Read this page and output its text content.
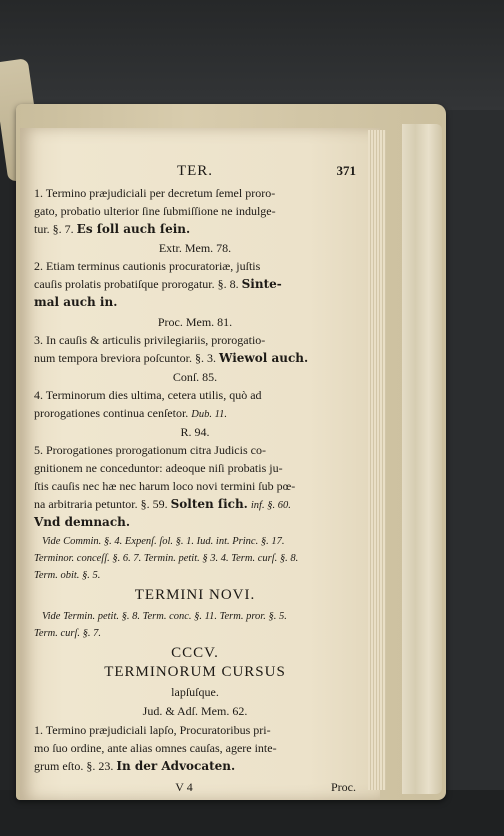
TER.	371
1. Termino præjudiciali per decretum ſemel proro-
gato, probatio ulterior ſine ſubmiſſione ne indulge-
tur. §. 7. Es ſoll auch ſein.
Extr. Mem. 78.
2. Etiam terminus cautionis procuratoriæ, juſtis
cauſis prolatis probatiſque prorogatur. §. 8. Sinte-
mal auch in.
Proc. Mem. 81.
3. In cauſis & articulis privilegiariis, prorogatio-
num tempora breviora poſcuntor. §. 3. Wiewol auch.
Conſ. 85.
4. Terminorum dies ultima, cetera utilis, quò ad
prorogationes continua cenſetor. Dub. 11.
R. 94.
5. Prorogationes prorogationum citra Judicis co-
gnitionem ne conceduntor: adeoque niſi probatis ju-
ſtis cauſis nec hæ nec harum loco novi termini ſub pœ-
na arbitraria petuntor. §. 59. Solten ſich. inf. §. 60.
Vnd demnach.
Vide Commin. §. 4. Expenſ. ſol. §. 1. Iud. int. Princ. §. 17.
Terminor. conceſſ. §. 6. 7. Termin. petit. § 3. 4. Term. curſ. §. 8.
Term. obit. §. 5.
TERMINI NOVI.
Vide Termin. petit. §. 8. Term. conc. §. 11. Term. pror. §. 5.
Term. curſ. §. 7.
CCCV.
TERMINORUM CURSUS
lapſuſque.
Jud. & Adſ. Mem. 62.
1. Termino præjudiciali lapſo, Procuratoribus pri-
mo ſuo ordine, ante alias omnes cauſas, agere inte-
grum eſto. §. 23. In der Advocaten.
V 4	Proc.
